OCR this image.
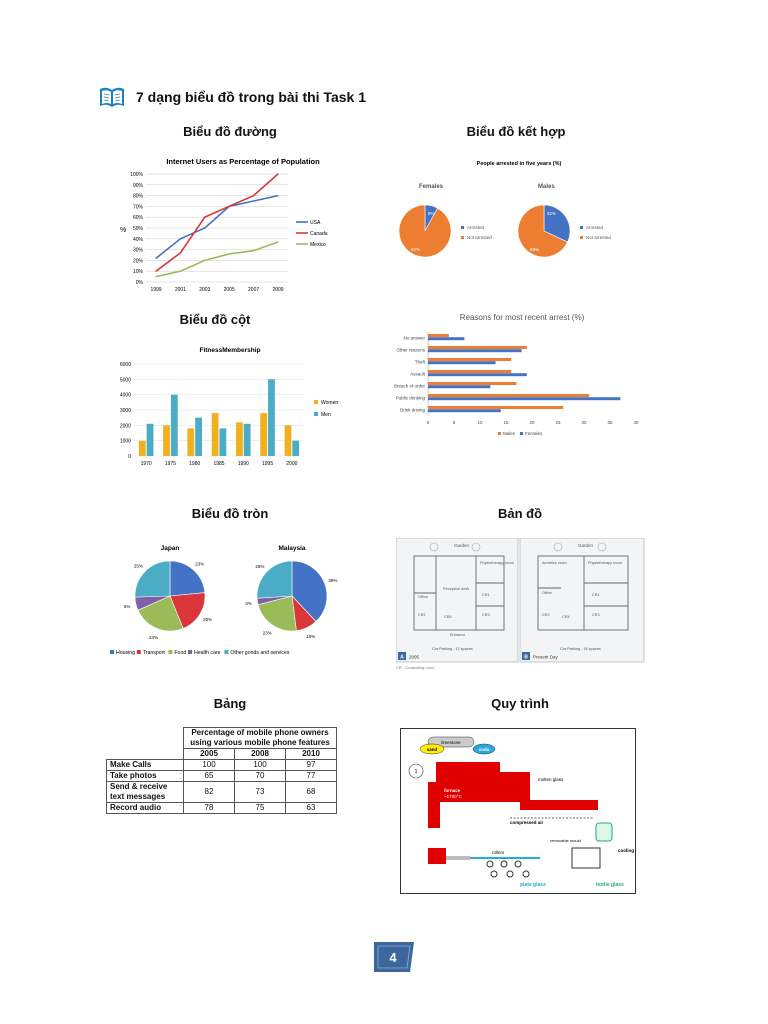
7 dạng biểu đồ trong bài thi Task 1
Biểu đồ đường	Biểu đồ kết hợp
Biểu đồ cột
Biểu đồ tròn	Bản đồ
Bảng	Quy trình
Internet Users as Percentage of Population
%
0%
10%
20%
30%
40%
50%
60%
70%
80%
90%
100%
1999	2001	2003	2005	2007	2009
USA
Canada
Mexico
People arrested in five years (%)
Females
8%
92%
Arrested
Not arrested
Males
32%
68%
Arrested
Not arrested
Reasons for most recent arrest (%)
No answer
Other reasons
Theft
Assault
Breach of order
Public drinking
Drink driving
0	5	10	15	20	25	30	35	40
Males Females
FitnessMembership
0
1000
2000
3000
4000
5000
6000
1970	1975	1980	1985	1990	1995	2000
Women
Men
Japan
23%
20%
24%
6%
25%
Malaysia
38%
10%
23%
3%
26%
Housing Transport Food Health care Other goods and services
Garden	Garden
Physiotherapy room
Reception desk
Office	CR1
CR2	CR3
CR4
Entrance
Car Parking - 12 spaces
Aerobics room	Physiotherapy room
Office	CR1
CR2	CR3
CR4
Car Parking - 16 spaces
A 2005	B Present Day
CR - Consulting room
	Percentage of mobile phone owners using various mobile phone features		
	2005	2008	2010
Make Calls	100	100	97
Take photos	65	70	77
Send & receive text messages	82	73	68
Record audio	78	75	63
limestone
sand	soda
1
furnace
~1700°C
molten glass
compressed air
removable mould
rollers
plate glass	bottle glass
cooling
4
